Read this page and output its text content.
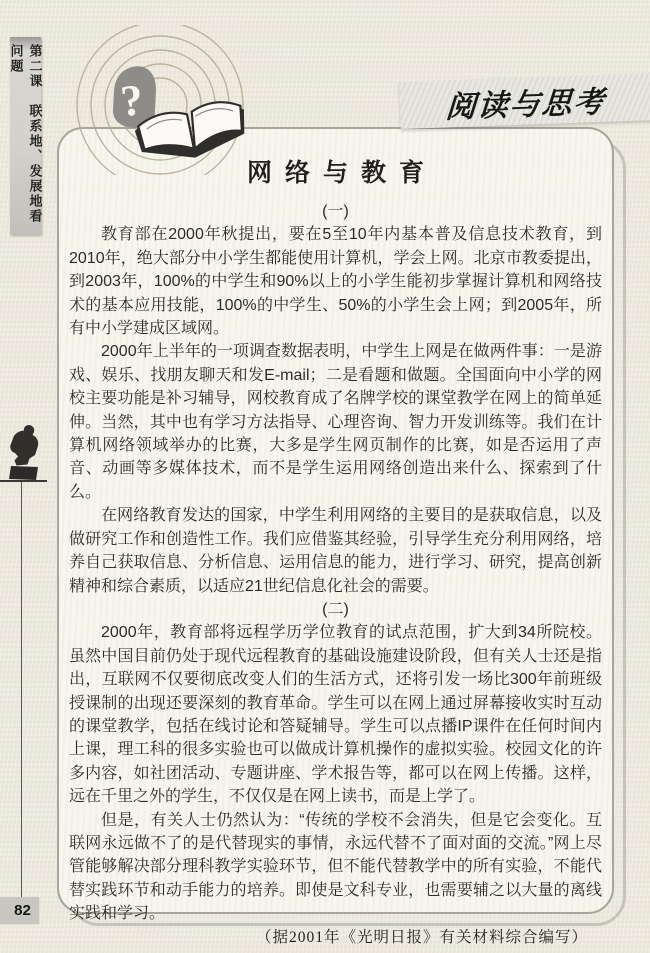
网络与教育
(一)

教育部在2000年秋提出，要在5至10年内基本普及信息技术教育，到2010年，绝大部分中小学生都能使用计算机，学会上网。北京市教委提出，到2003年，100%的中学生和90%以上的小学生能初步掌握计算机和网络技术的基本应用技能，100%的中学生、50%的小学生会上网；到2005年，所有中小学建成区域网。

2000年上半年的一项调查数据表明，中学生上网是在做两件事：一是游戏、娱乐、找朋友聊天和发E-mail；二是看题和做题。全国面向中小学的网校主要功能是补习辅导，网校教育成了名牌学校的课堂教学在网上的简单延伸。当然，其中也有学习方法指导、心理咨询、智力开发训练等。我们在计算机网络领域举办的比赛，大多是学生网页制作的比赛，如是否运用了声音、动画等多媒体技术，而不是学生运用网络创造出来什么、探索到了什么。

在网络教育发达的国家，中学生利用网络的主要目的是获取信息，以及做研究工作和创造性工作。我们应借鉴其经验，引导学生充分利用网络，培养自己获取信息、分析信息、运用信息的能力，进行学习、研究，提高创新精神和综合素质，以适应21世纪信息化社会的需要。

(二)

2000年，教育部将远程学历学位教育的试点范围，扩大到34所院校。虽然中国目前仍处于现代远程教育的基础设施建设阶段，但有关人士还是指出，互联网不仅要彻底改变人们的生活方式，还将引发一场比300年前班级授课制的出现还要深刻的教育革命。学生可以在网上通过屏幕接收实时互动的课堂教学，包括在线讨论和答疑辅导。学生可以点播IP课件在任何时间内上课，理工科的很多实验也可以做成计算机操作的虚拟实验。校园文化的许多内容，如社团活动、专题讲座、学术报告等，都可以在网上传播。这样，远在千里之外的学生，不仅仅是在网上读书，而是上学了。

但是，有关人士仍然认为：“传统的学校不会消失，但是它会变化。互联网永远做不了的是代替现实的事情，永远代替不了面对面的交流。”网上尽管能够解决部分理科教学实验环节，但不能代替教学中的所有实验，不能代替实践环节和动手能力的培养。即使是文科专业，也需要辅之以大量的离线实践和学习。

（据2001年《光明日报》有关材料综合编写）
阅读与思考
?
第二课　联系地、发展地看问题
82
